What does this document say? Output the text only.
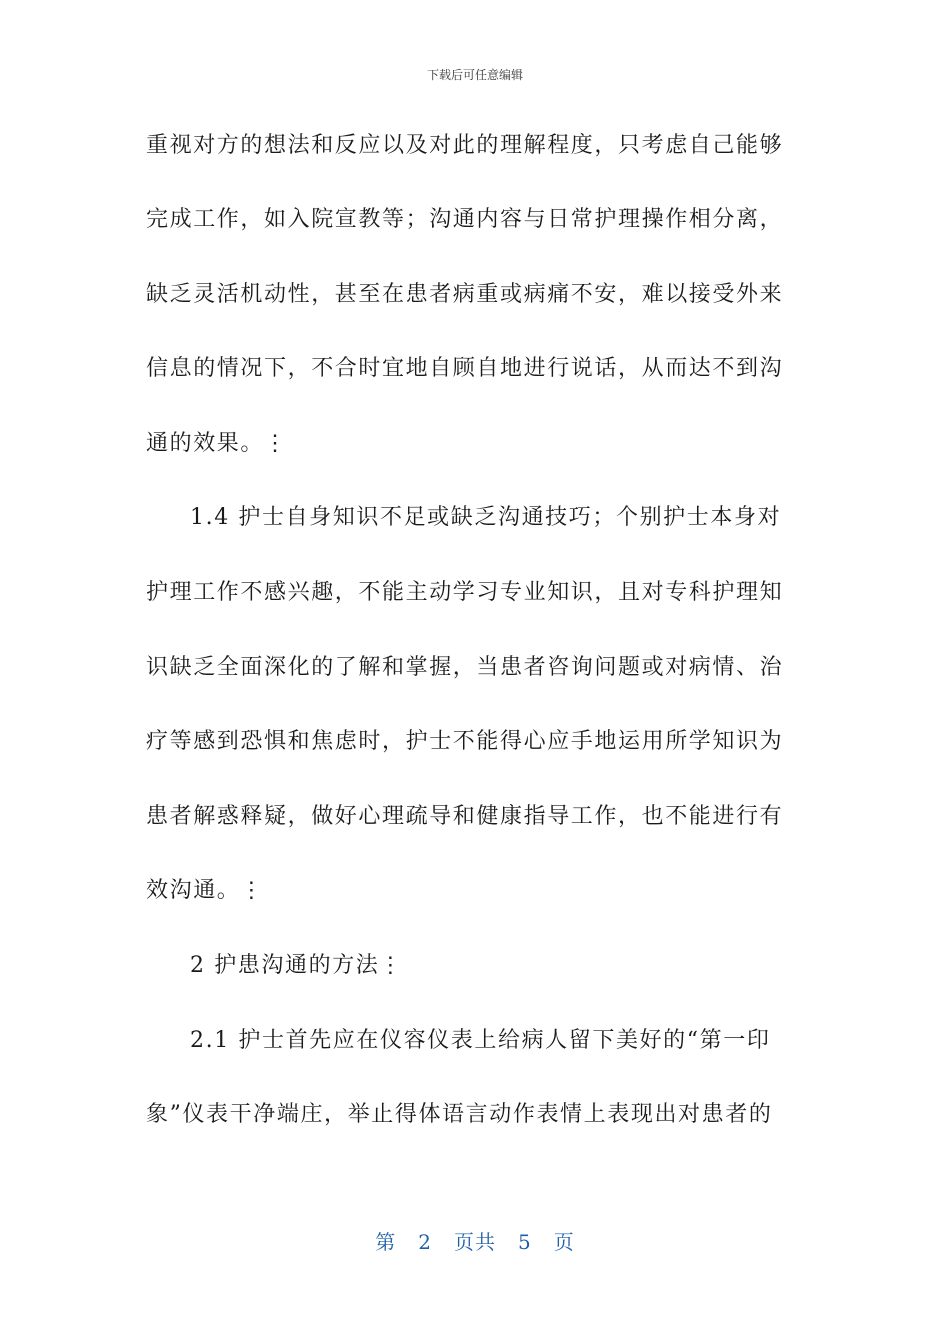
下载后可任意编辑
重视对方的想法和反应以及对此的理解程度，只考虑自己能够
完成工作，如入院宣教等；沟通内容与日常护理操作相分离，
缺乏灵活机动性，甚至在患者病重或病痛不安，难以接受外来
信息的情况下，不合时宜地自顾自地进行说话，从而达不到沟
通的效果。⋮
1.4 护士自身知识不足或缺乏沟通技巧；个别护士本身对
护理工作不感兴趣，不能主动学习专业知识，且对专科护理知
识缺乏全面深化的了解和掌握，当患者咨询问题或对病情、治
疗等感到恐惧和焦虑时，护士不能得心应手地运用所学知识为
患者解惑释疑，做好心理疏导和健康指导工作，也不能进行有
效沟通。⋮
2 护患沟通的方法⋮
2.1 护士首先应在仪容仪表上给病人留下美好的“第一印
象”仪表干净端庄，举止得体语言动作表情上表现出对患者的
第 2 页共 5 页
